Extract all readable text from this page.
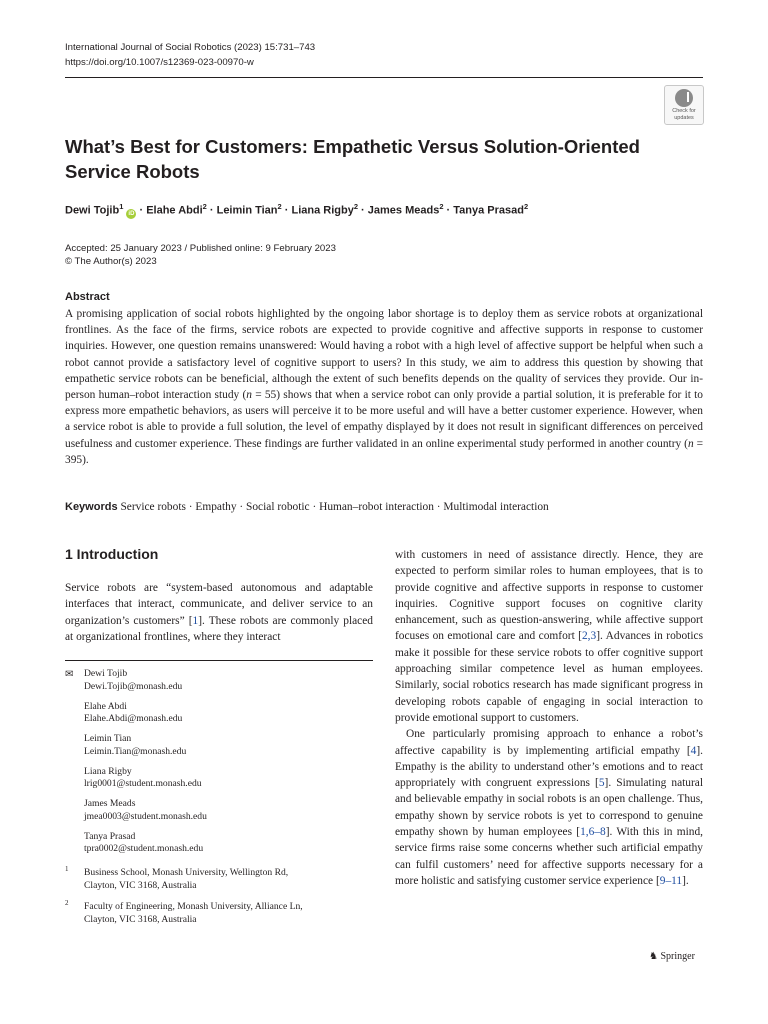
International Journal of Social Robotics (2023) 15:731–743
https://doi.org/10.1007/s12369-023-00970-w
Check for
updates
What’s Best for Customers: Empathetic Versus Solution-Oriented
Service Robots
Dewi Tojib$^1$ iD · Elahe Abdi$^2$ · Leimin Tian$^2$ · Liana Rigby$^2$ · James Meads$^2$ · Tanya Prasad$^2$
Accepted: 25 January 2023 / Published online: 9 February 2023
© The Author(s) 2023
Abstract
A promising application of social robots highlighted by the ongoing labor shortage is to deploy them as service robots at organizational frontlines. As the face of the firms, service robots are expected to provide cognitive and affective supports in response to customer inquiries. However, one question remains unanswered: Would having a robot with a high level of affective support be helpful when such a robot cannot provide a satisfactory level of cognitive support to users? In this study, we aim to address this question by showing that empathetic service robots can be beneficial, although the extent of such benefits depends on the quality of services they provide. Our in-person human–robot interaction study (n = 55) shows that when a service robot can only provide a partial solution, it is preferable for it to express more empathetic behaviors, as users will perceive it to be more useful and will have a better customer experience. However, when a service robot is able to provide a full solution, the level of empathy displayed by it does not result in significant differences on perceived usefulness and customer experience. These findings are further validated in an online experimental study performed in another country (n = 395).
Keywords Service robots · Empathy · Social robotic · Human–robot interaction · Multimodal interaction
1 Introduction
Service robots are “system-based autonomous and adaptable interfaces that interact, communicate, and deliver service to an organization’s customers” [1]. These robots are commonly placed at organizational frontlines, where they interact
✉ Dewi Tojib
Dewi.Tojib@monash.edu
Elahe Abdi
Elahe.Abdi@monash.edu
Leimin Tian
Leimin.Tian@monash.edu
Liana Rigby
lrig0001@student.monash.edu
James Meads
jmea0003@student.monash.edu
Tanya Prasad
tpra0002@student.monash.edu
1 Business School, Monash University, Wellington Rd,
Clayton, VIC 3168, Australia
2 Faculty of Engineering, Monash University, Alliance Ln,
Clayton, VIC 3168, Australia

with customers in need of assistance directly. Hence, they are expected to perform similar roles to human employees, that is to provide cognitive and affective supports in response to customer inquiries. Cognitive support focuses on cognitive clarity enhancement, such as question-answering, while affective support focuses on emotional care and comfort [2,3]. Advances in robotics make it possible for these service robots to offer cognitive support approaching similar competence level as human employees. Similarly, social robotics research has made significant progress in developing robots capable of engaging in social interaction to provide emotional support to customers.

One particularly promising approach to enhance a robot’s affective capability is by implementing artificial empathy [4]. Empathy is the ability to understand other’s emotions and to react appropriately with congruent expressions [5]. Simulating natural and believable empathy in social robots is an open challenge. Thus, empathy shown by service robots is yet to correspond to genuine empathy shown by human employees [1,6–8]. With this in mind, service firms raise some concerns whether such artificial empathy can fulfil customers’ need for affective supports necessary for a more holistic and satisfying customer service experience [9–11].

♞ Springer
